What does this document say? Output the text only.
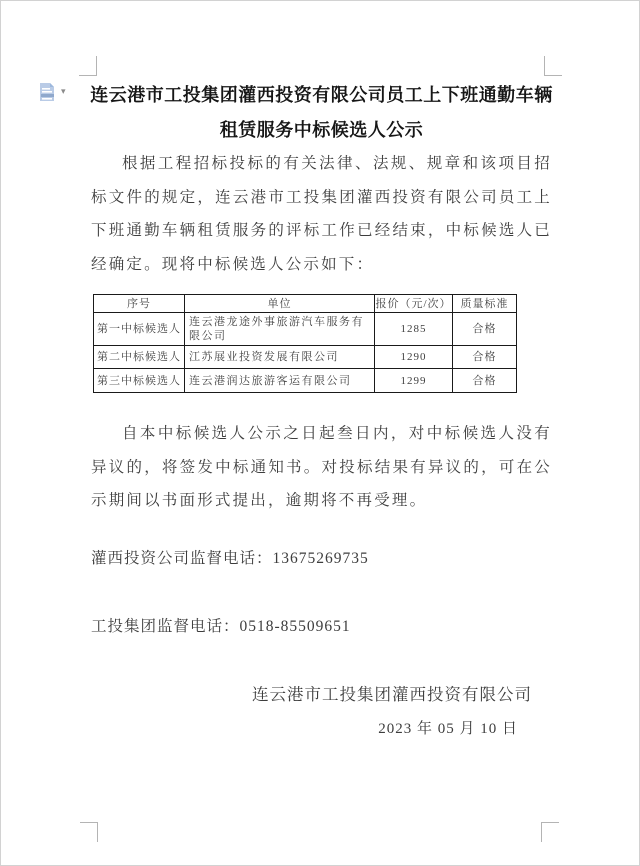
▾ 连云港市工投集团灌西投资有限公司员工上下班通勤车辆
租赁服务中标候选人公示
根据工程招标投标的有关法律、法规、规章和该项目招标文件的规定，连云港市工投集团灌西投资有限公司员工上下班通勤车辆租赁服务的评标工作已经结束，中标候选人已经确定。现将中标候选人公示如下：
序号	单位	报价（元/次）	质量标准
第一中标候选人	连云港龙途外事旅游汽车服务有限公司	1285	合格
第二中标候选人	江苏展业投资发展有限公司	1290	合格
第三中标候选人	连云港润达旅游客运有限公司	1299	合格
自本中标候选人公示之日起叁日内，对中标候选人没有异议的，将签发中标通知书。对投标结果有异议的，可在公示期间以书面形式提出，逾期将不再受理。
灌西投资公司监督电话：13675269735
工投集团监督电话：0518-85509651
连云港市工投集团灌西投资有限公司
2023 年 05 月 10 日
